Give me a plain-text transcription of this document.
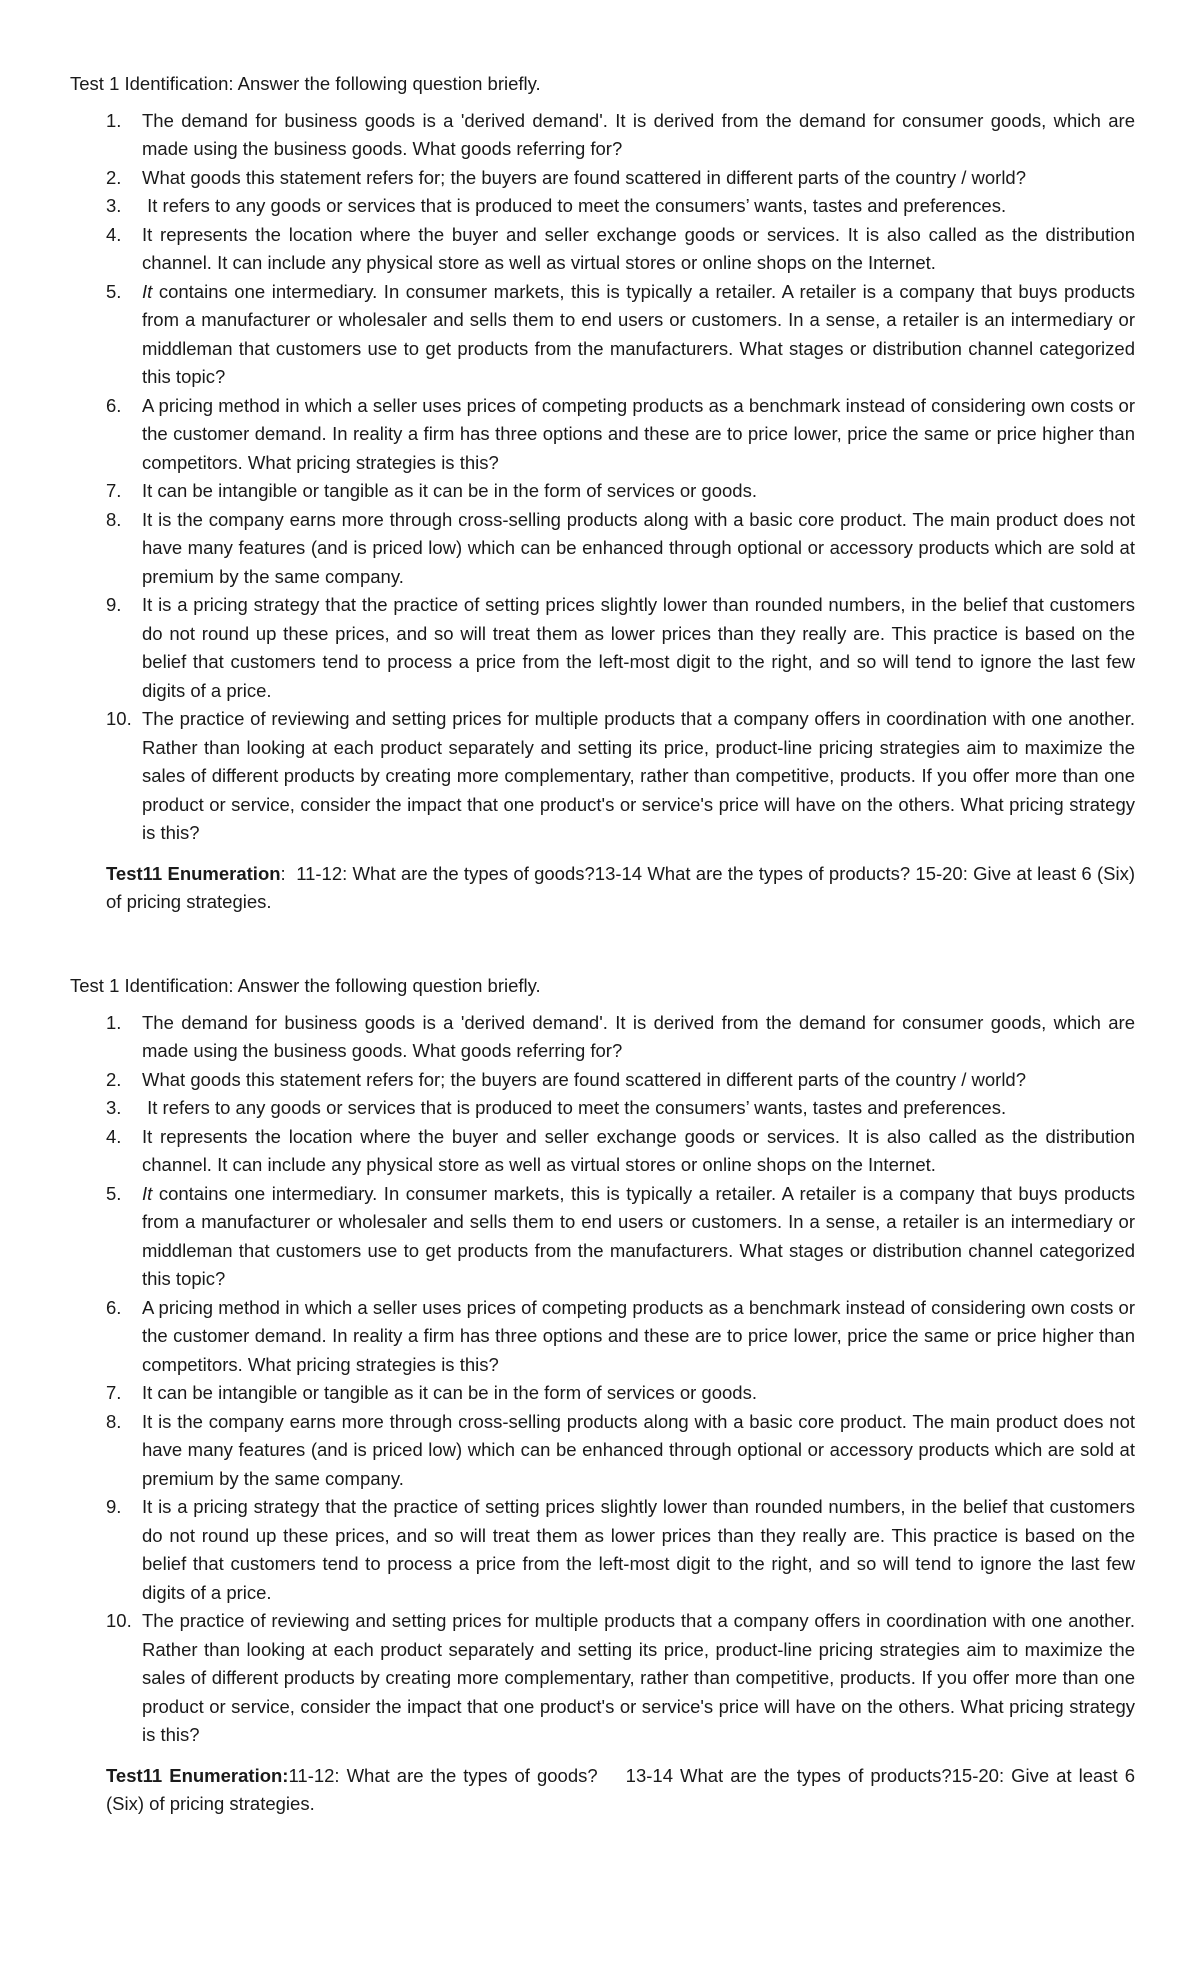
Test 1 Identification: Answer the following question briefly.

1.	The demand for business goods is a 'derived demand'. It is derived from the demand for consumer goods, which are made using the business goods. What goods referring for?
2.	What goods this statement refers for; the buyers are found scattered in different parts of the country / world?
3.	It refers to any goods or services that is produced to meet the consumers’ wants, tastes and preferences.
4.	It represents the location where the buyer and seller exchange goods or services. It is also called as the distribution channel. It can include any physical store as well as virtual stores or online shops on the Internet.
5.	It contains one intermediary. In consumer markets, this is typically a retailer. A retailer is a company that buys products from a manufacturer or wholesaler and sells them to end users or customers. In a sense, a retailer is an intermediary or middleman that customers use to get products from the manufacturers. What stages or distribution channel categorized this topic?
6.	A pricing method in which a seller uses prices of competing products as a benchmark instead of considering own costs or the customer demand. In reality a firm has three options and these are to price lower, price the same or price higher than competitors. What pricing strategies is this?
7.	It can be intangible or tangible as it can be in the form of services or goods.
8.	It is the company earns more through cross-selling products along with a basic core product. The main product does not have many features (and is priced low) which can be enhanced through optional or accessory products which are sold at premium by the same company.
9.	It is a pricing strategy that the practice of setting prices slightly lower than rounded numbers, in the belief that customers do not round up these prices, and so will treat them as lower prices than they really are. This practice is based on the belief that customers tend to process a price from the left-most digit to the right, and so will tend to ignore the last few digits of a price.
10. The practice of reviewing and setting prices for multiple products that a company offers in coordination with one another. Rather than looking at each product separately and setting its price, product-line pricing strategies aim to maximize the sales of different products by creating more complementary, rather than competitive, products. If you offer more than one product or service, consider the impact that one product's or service's price will have on the others. What pricing strategy is this?

Test11 Enumeration:  11-12: What are the types of goods?13-14 What are the types of products? 15-20: Give at least 6 (Six) of pricing strategies.

Test 1 Identification: Answer the following question briefly.

1.	The demand for business goods is a 'derived demand'. It is derived from the demand for consumer goods, which are made using the business goods. What goods referring for?
2.	What goods this statement refers for; the buyers are found scattered in different parts of the country / world?
3.	It refers to any goods or services that is produced to meet the consumers’ wants, tastes and preferences.
4.	It represents the location where the buyer and seller exchange goods or services. It is also called as the distribution channel. It can include any physical store as well as virtual stores or online shops on the Internet.
5.	It contains one intermediary. In consumer markets, this is typically a retailer. A retailer is a company that buys products from a manufacturer or wholesaler and sells them to end users or customers. In a sense, a retailer is an intermediary or middleman that customers use to get products from the manufacturers. What stages or distribution channel categorized this topic?
6.	A pricing method in which a seller uses prices of competing products as a benchmark instead of considering own costs or the customer demand. In reality a firm has three options and these are to price lower, price the same or price higher than competitors. What pricing strategies is this?
7.	It can be intangible or tangible as it can be in the form of services or goods.
8.	It is the company earns more through cross-selling products along with a basic core product. The main product does not have many features (and is priced low) which can be enhanced through optional or accessory products which are sold at premium by the same company.
9.	It is a pricing strategy that the practice of setting prices slightly lower than rounded numbers, in the belief that customers do not round up these prices, and so will treat them as lower prices than they really are. This practice is based on the belief that customers tend to process a price from the left-most digit to the right, and so will tend to ignore the last few digits of a price.
10. The practice of reviewing and setting prices for multiple products that a company offers in coordination with one another. Rather than looking at each product separately and setting its price, product-line pricing strategies aim to maximize the sales of different products by creating more complementary, rather than competitive, products. If you offer more than one product or service, consider the impact that one product's or service's price will have on the others. What pricing strategy is this?

Test11 Enumeration:11-12: What are the types of goods? 13-14 What are the types of products?15-20: Give at least 6 (Six) of pricing strategies.
